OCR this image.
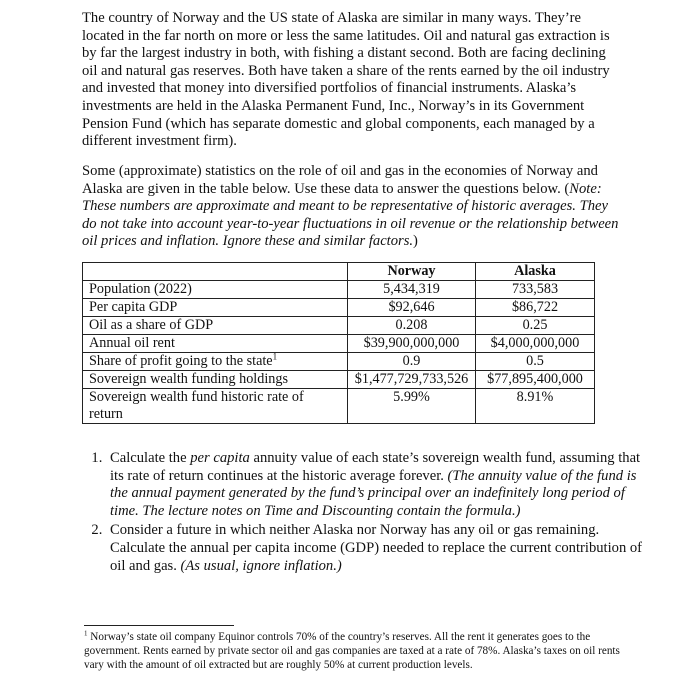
The country of Norway and the US state of Alaska are similar in many ways. They’re located in the far north on more or less the same latitudes. Oil and natural gas extraction is by far the largest industry in both, with fishing a distant second. Both are facing declining oil and natural gas reserves. Both have taken a share of the rents earned by the oil industry and invested that money into diversified portfolios of financial instruments. Alaska’s investments are held in the Alaska Permanent Fund, Inc., Norway’s in its Government Pension Fund (which has separate domestic and global components, each managed by a different investment firm).

Some (approximate) statistics on the role of oil and gas in the economies of Norway and Alaska are given in the table below. Use these data to answer the questions below. (Note: These numbers are approximate and meant to be representative of historic averages. They do not take into account year-to-year fluctuations in oil revenue or the relationship between oil prices and inflation. Ignore these and similar factors.)

	Norway	Alaska
Population (2022)	5,434,319	733,583
Per capita GDP	$92,646	$86,722
Oil as a share of GDP	0.208	0.25
Annual oil rent	$39,900,000,000	$4,000,000,000
Share of profit going to the state$^1$	0.9	0.5
Sovereign wealth funding holdings	$1,477,729,733,526	$77,895,400,000
Sovereign wealth fund historic rate of return	5.99%	8.91%
1. Calculate the per capita annuity value of each state’s sovereign wealth fund, assuming that its rate of return continues at the historic average forever. (The annuity value of the fund is the annual payment generated by the fund’s principal over an indefinitely long period of time. The lecture notes on Time and Discounting contain the formula.)
2. Consider a future in which neither Alaska nor Norway has any oil or gas remaining. Calculate the annual per capita income (GDP) needed to replace the current contribution of oil and gas. (As usual, ignore inflation.)

$^1$ Norway’s state oil company Equinor controls 70% of the country’s reserves. All the rent it generates goes to the government. Rents earned by private sector oil and gas companies are taxed at a rate of 78%. Alaska’s taxes on oil rents vary with the amount of oil extracted but are roughly 50% at current production levels.
